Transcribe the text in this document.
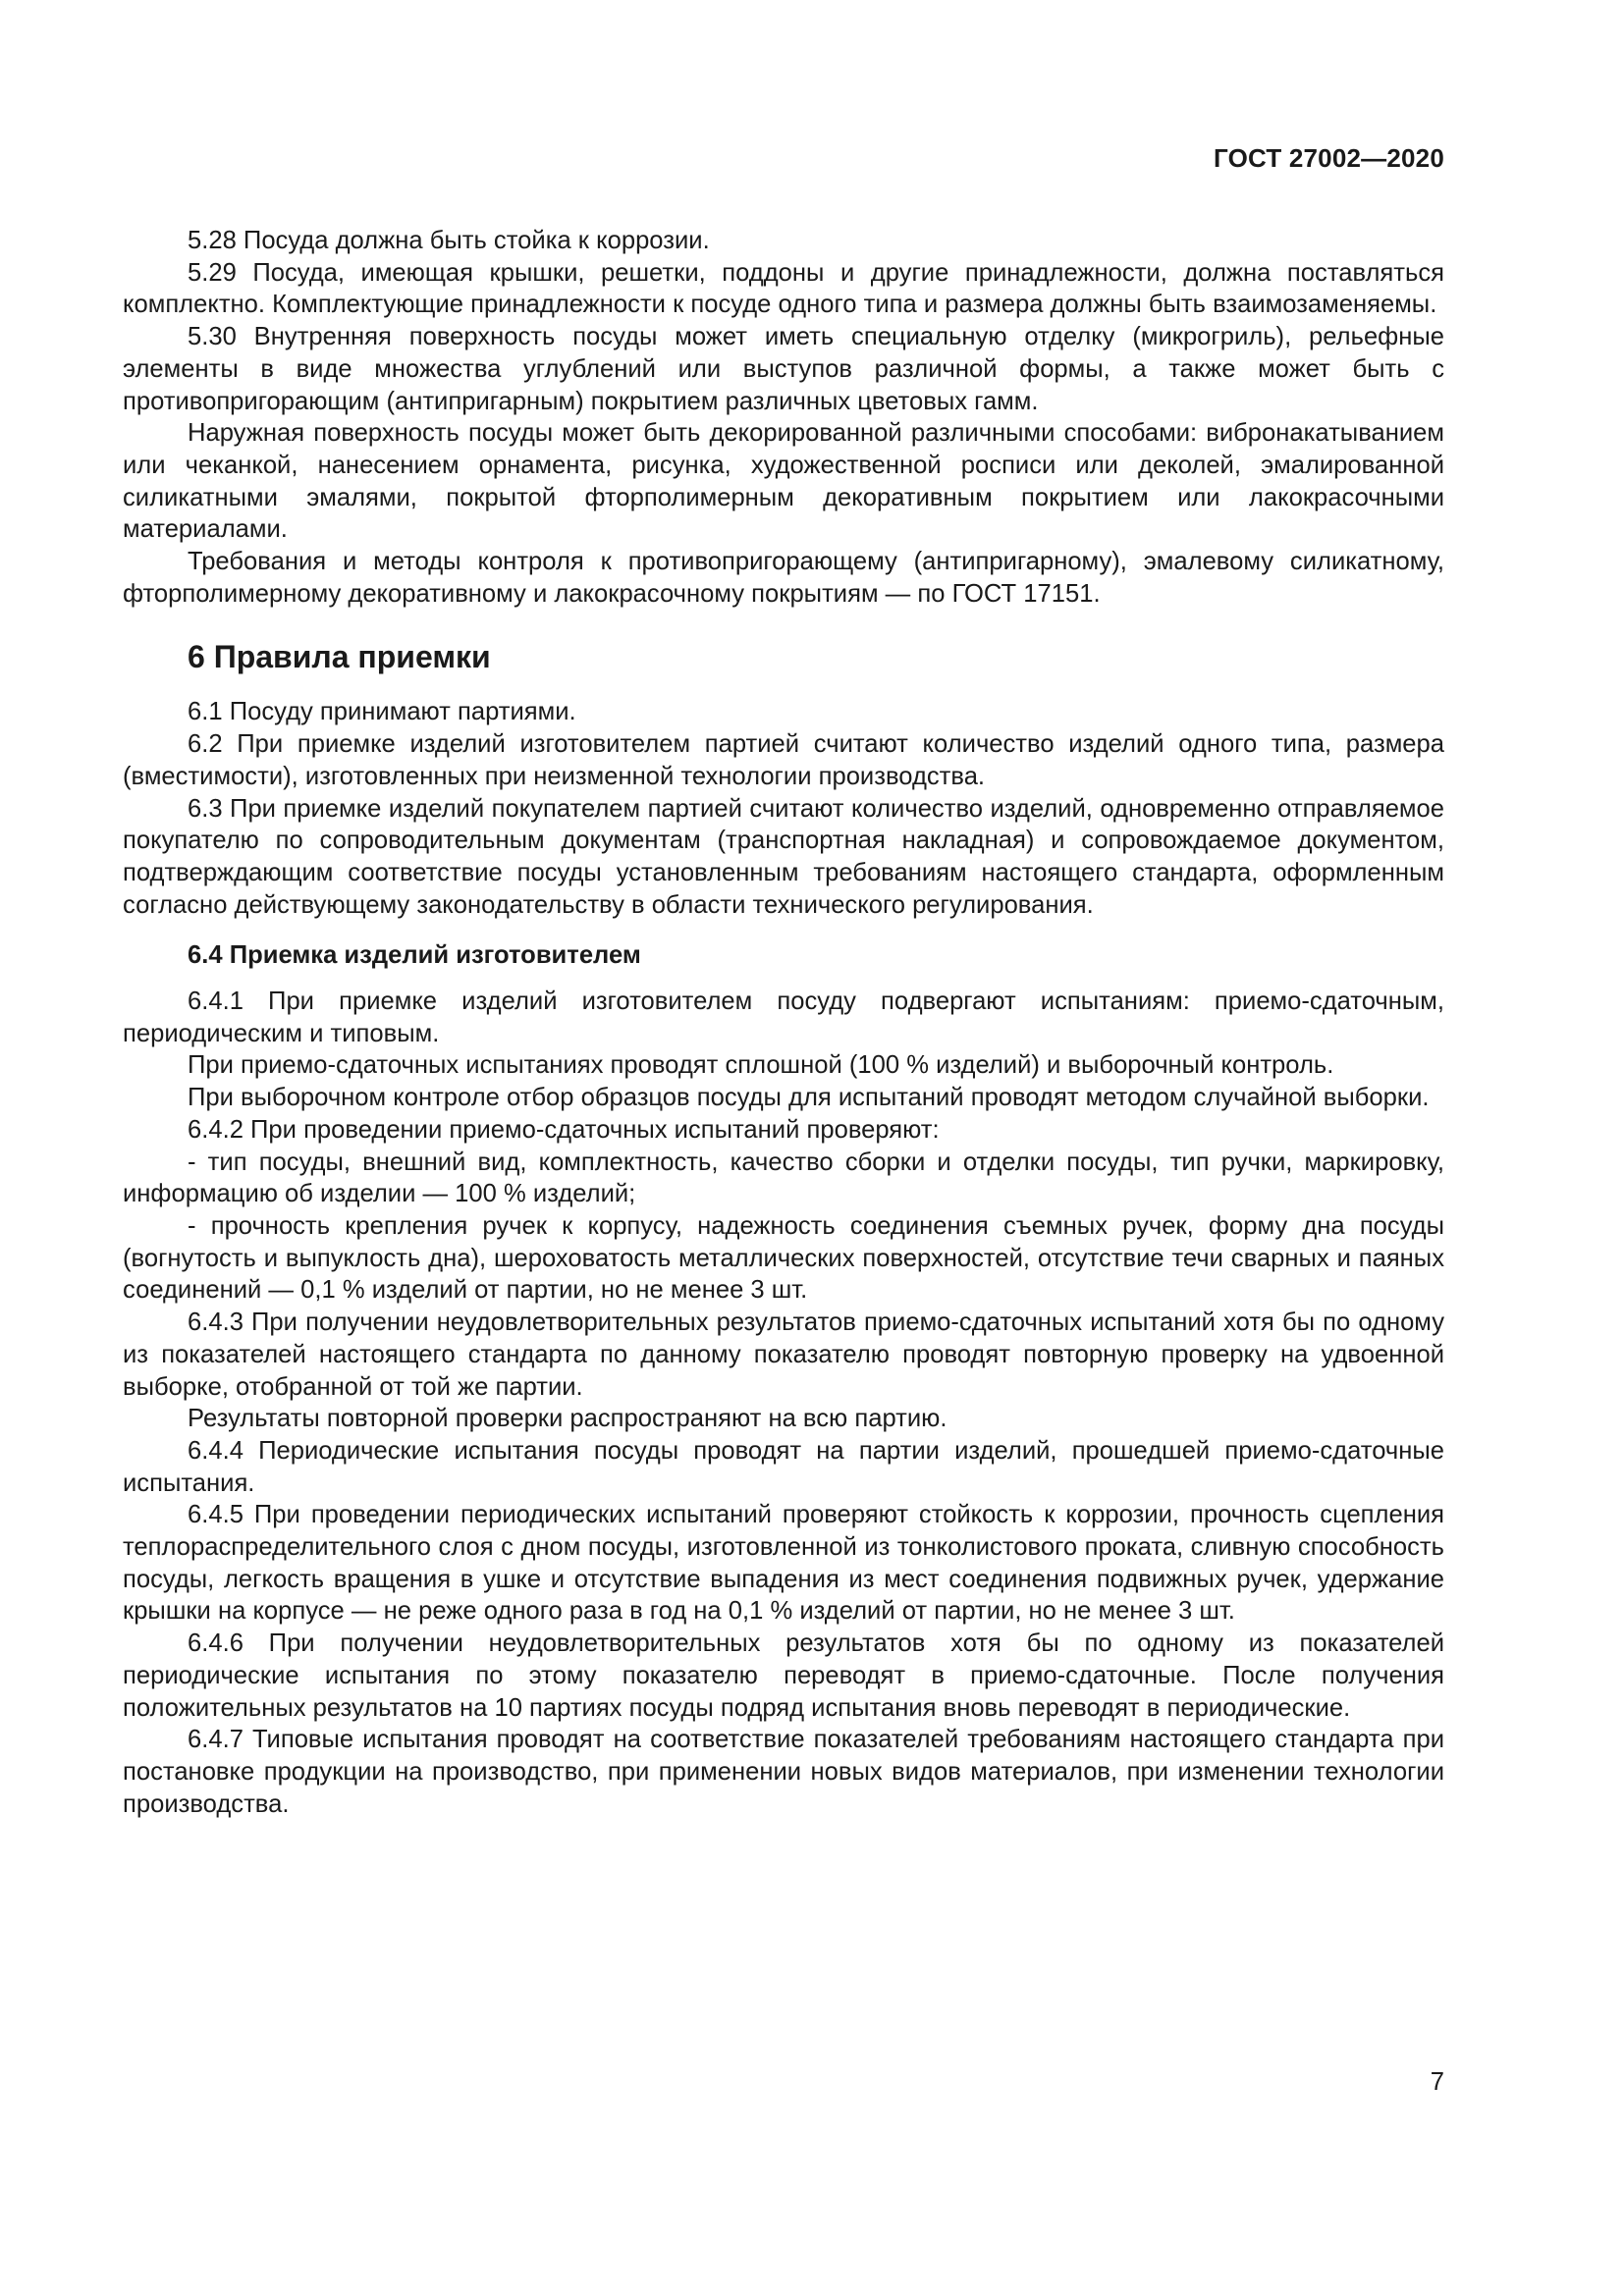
ГОСТ 27002—2020

5.28 Посуда должна быть стойка к коррозии.

5.29 Посуда, имеющая крышки, решетки, поддоны и другие принадлежности, должна поставляться комплектно. Комплектующие принадлежности к посуде одного типа и размера должны быть взаимозаменяемы.

5.30 Внутренняя поверхность посуды может иметь специальную отделку (микрогриль), рельефные элементы в виде множества углублений или выступов различной формы, а также может быть с противопригорающим (антипригарным) покрытием различных цветовых гамм.

Наружная поверхность посуды может быть декорированной различными способами: вибронакатыванием или чеканкой, нанесением орнамента, рисунка, художественной росписи или деколей, эмалированной силикатными эмалями, покрытой фторполимерным декоративным покрытием или лакокрасочными материалами.

Требования и методы контроля к противопригорающему (антипригарному), эмалевому силикатному, фторполимерному декоративному и лакокрасочному покрытиям — по ГОСТ 17151.

6 Правила приемки

6.1 Посуду принимают партиями.

6.2 При приемке изделий изготовителем партией считают количество изделий одного типа, размера (вместимости), изготовленных при неизменной технологии производства.

6.3 При приемке изделий покупателем партией считают количество изделий, одновременно отправляемое покупателю по сопроводительным документам (транспортная накладная) и сопровождаемое документом, подтверждающим соответствие посуды установленным требованиям настоящего стандарта, оформленным согласно действующему законодательству в области технического регулирования.

6.4 Приемка изделий изготовителем

6.4.1 При приемке изделий изготовителем посуду подвергают испытаниям: приемо-сдаточным, периодическим и типовым.

При приемо-сдаточных испытаниях проводят сплошной (100 % изделий) и выборочный контроль.

При выборочном контроле отбор образцов посуды для испытаний проводят методом случайной выборки.

6.4.2 При проведении приемо-сдаточных испытаний проверяют:

- тип посуды, внешний вид, комплектность, качество сборки и отделки посуды, тип ручки, маркировку, информацию об изделии — 100 % изделий;

- прочность крепления ручек к корпусу, надежность соединения съемных ручек, форму дна посуды (вогнутость и выпуклость дна), шероховатость металлических поверхностей, отсутствие течи сварных и паяных соединений — 0,1 % изделий от партии, но не менее 3 шт.

6.4.3 При получении неудовлетворительных результатов приемо-сдаточных испытаний хотя бы по одному из показателей настоящего стандарта по данному показателю проводят повторную проверку на удвоенной выборке, отобранной от той же партии.

Результаты повторной проверки распространяют на всю партию.

6.4.4 Периодические испытания посуды проводят на партии изделий, прошедшей приемо-сдаточные испытания.

6.4.5 При проведении периодических испытаний проверяют стойкость к коррозии, прочность сцепления теплораспределительного слоя с дном посуды, изготовленной из тонколистового проката, сливную способность посуды, легкость вращения в ушке и отсутствие выпадения из мест соединения подвижных ручек, удержание крышки на корпусе — не реже одного раза в год на 0,1 % изделий от партии, но не менее 3 шт.

6.4.6 При получении неудовлетворительных результатов хотя бы по одному из показателей периодические испытания по этому показателю переводят в приемо-сдаточные. После получения положительных результатов на 10 партиях посуды подряд испытания вновь переводят в периодические.

6.4.7 Типовые испытания проводят на соответствие показателей требованиям настоящего стандарта при постановке продукции на производство, при применении новых видов материалов, при изменении технологии производства.

7
